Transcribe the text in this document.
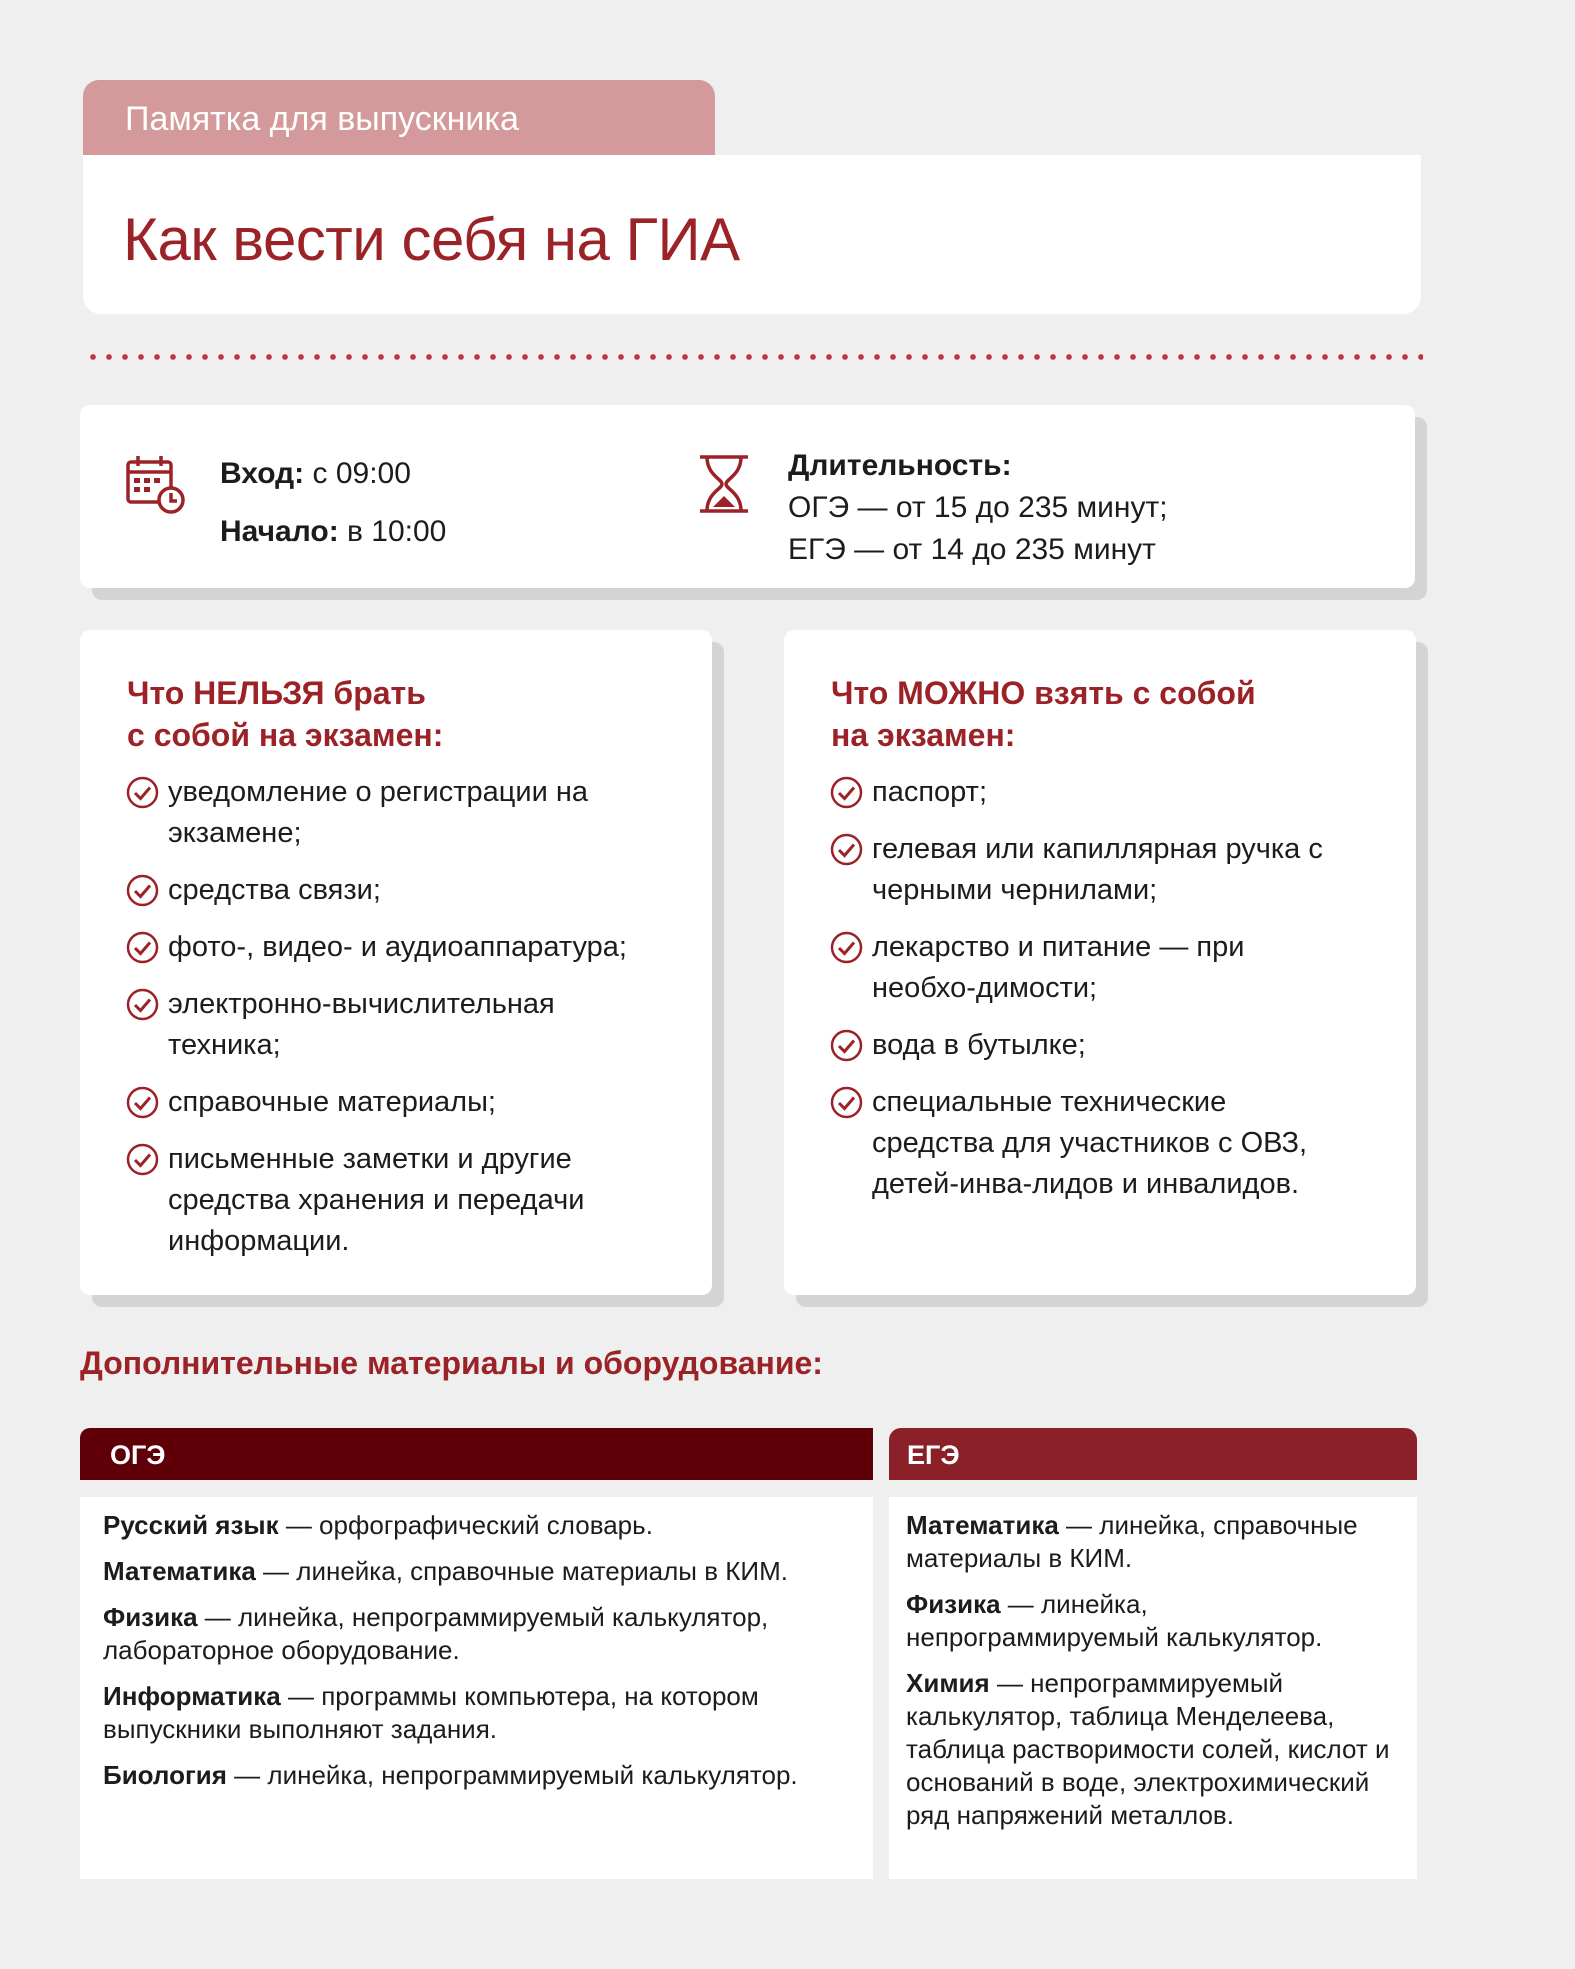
Памятка для выпускника
Как вести себя на ГИА
Вход: с 09:00
Начало: в 10:00
Длительность:
ОГЭ — от 15 до 235 минут;
ЕГЭ — от 14 до 235 минут
Что НЕЛЬЗЯ брать
с собой на экзамен:
уведомление о регистрации на экзамене;
средства связи;
фото-, видео- и аудиоаппаратура;
электронно-вычислительная техника;
справочные материалы;
письменные заметки и другие средства хранения и передачи информации.
Что МОЖНО взять с собой
на экзамен:
паспорт;
гелевая или капиллярная ручка с черными чернилами;
лекарство и питание — при необхо-димости;
вода в бутылке;
специальные технические средства для участников с ОВЗ, детей-инва-лидов и инвалидов.
Дополнительные материалы и оборудование:
ОГЭ	ЕГЭ

Русский язык — орфографический словарь.

Математика — линейка, справочные материалы в КИМ.

Физика — линейка, непрограммируемый калькулятор, лабораторное оборудование.

Информатика — программы компьютера, на котором выпускники выполняют задания.

Биология — линейка, непрограммируемый калькулятор.

Математика — линейка, справочные материалы в КИМ.

Физика — линейка, непрограммируемый калькулятор.

Химия — непрограммируемый калькулятор, таблица Менделеева, таблица растворимости солей, кислот и оснований в воде, электрохимический ряд напряжений металлов.
